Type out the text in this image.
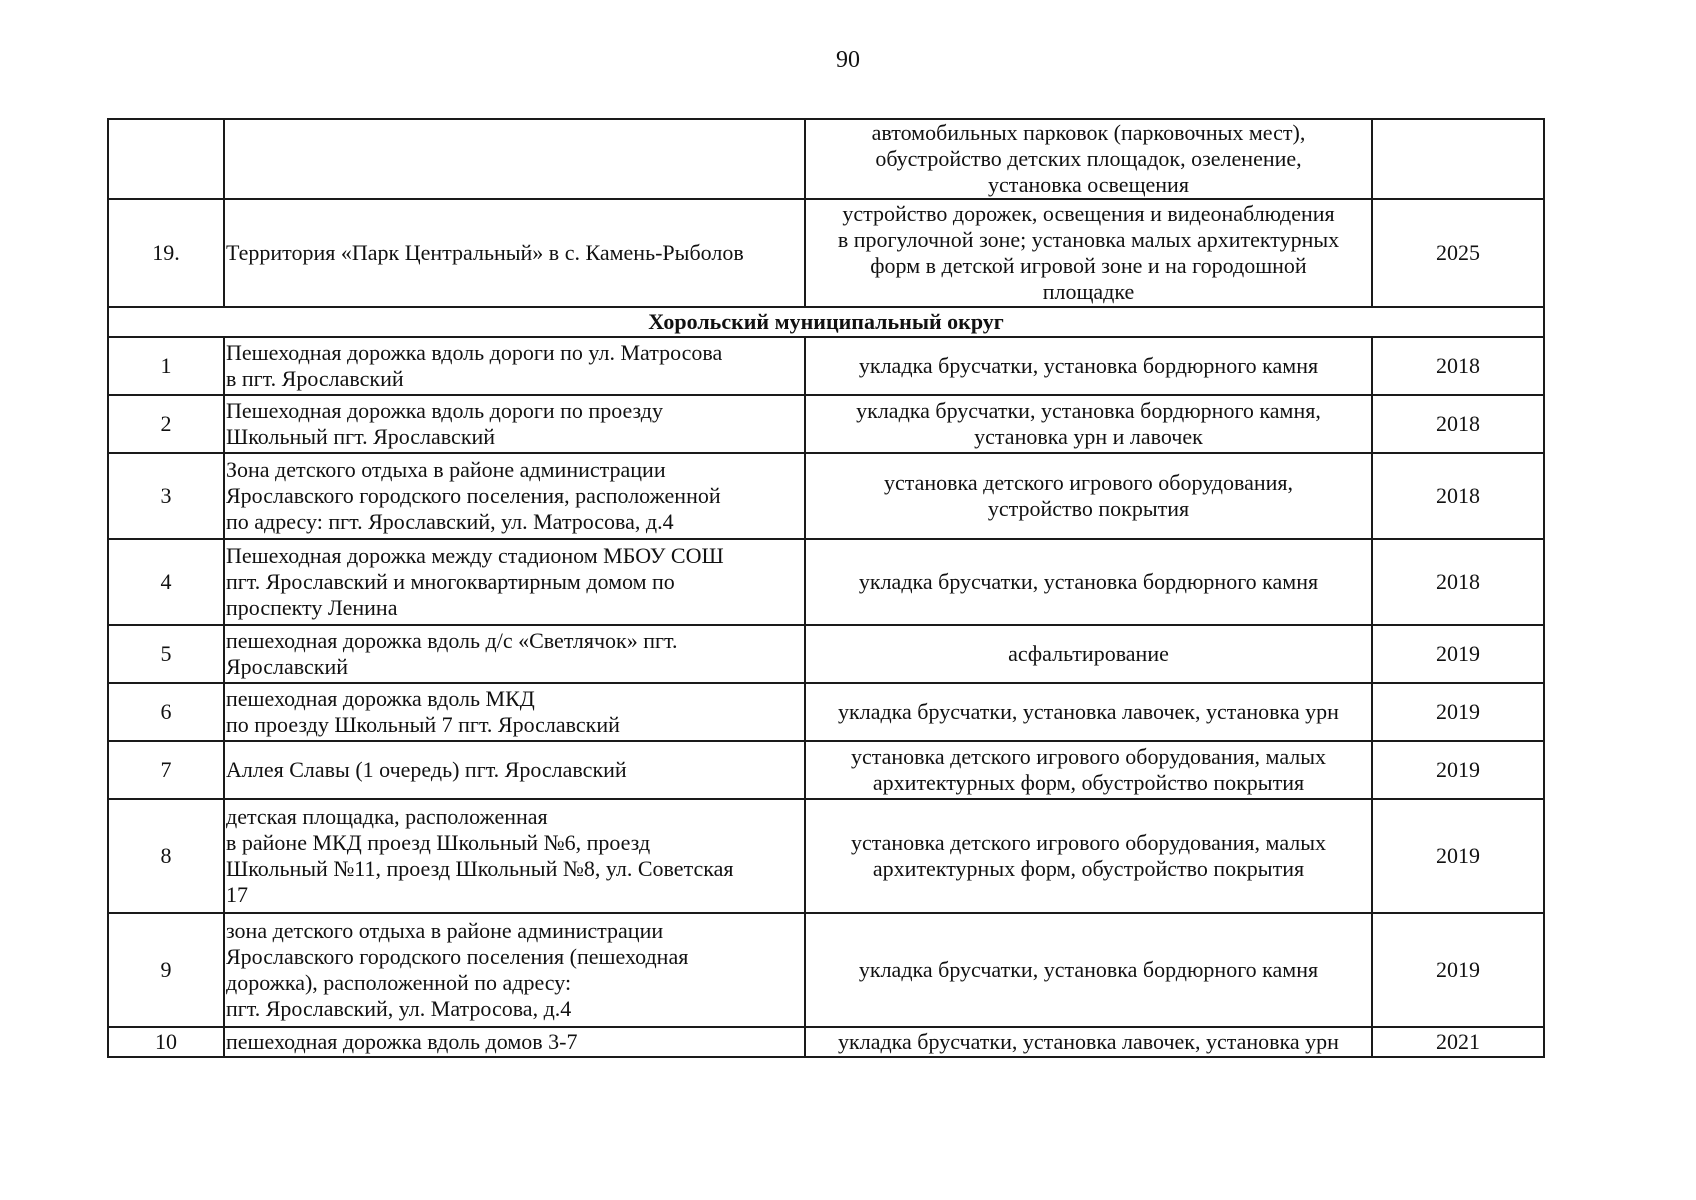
90
		автомобильных парковок (парковочных мест),
обустройство детских площадок, озеленение,
установка освещения	
19.	Территория «Парк Центральный» в с. Камень-Рыболов	устройство дорожек, освещения и видеонаблюдения
в прогулочной зоне; установка малых архитектурных
форм в детской игровой зоне и на городошной
площадке	2025
Хорольский муниципальный округ			
1	Пешеходная дорожка вдоль дороги по ул. Матросова
в пгт. Ярославский	укладка брусчатки, установка бордюрного камня	2018
2	Пешеходная дорожка вдоль дороги по проезду
Школьный пгт. Ярославский	укладка брусчатки, установка бордюрного камня,
установка урн и лавочек	2018
3	Зона детского отдыха в районе администрации
Ярославского городского поселения, расположенной
по адресу: пгт. Ярославский, ул. Матросова, д.4	установка детского игрового оборудования,
устройство покрытия	2018
4	Пешеходная дорожка между стадионом МБОУ СОШ
пгт. Ярославский и многоквартирным домом по
проспекту Ленина	укладка брусчатки, установка бордюрного камня	2018
5	пешеходная дорожка вдоль д/с «Светлячок» пгт.
Ярославский	асфальтирование	2019
6	пешеходная дорожка вдоль МКД
по проезду Школьный 7 пгт. Ярославский	укладка брусчатки, установка лавочек, установка урн	2019
7	Аллея Славы (1 очередь) пгт. Ярославский	установка детского игрового оборудования, малых
архитектурных форм, обустройство покрытия	2019
8	детская площадка, расположенная
в районе МКД проезд Школьный №6, проезд
Школьный №11, проезд Школьный №8, ул. Советская
17	установка детского игрового оборудования, малых
архитектурных форм, обустройство покрытия	2019
9	зона детского отдыха в районе администрации
Ярославского городского поселения (пешеходная
дорожка), расположенной по адресу:
пгт. Ярославский, ул. Матросова, д.4	укладка брусчатки, установка бордюрного камня	2019
10	пешеходная дорожка вдоль домов 3-7	укладка брусчатки, установка лавочек, установка урн	2021
